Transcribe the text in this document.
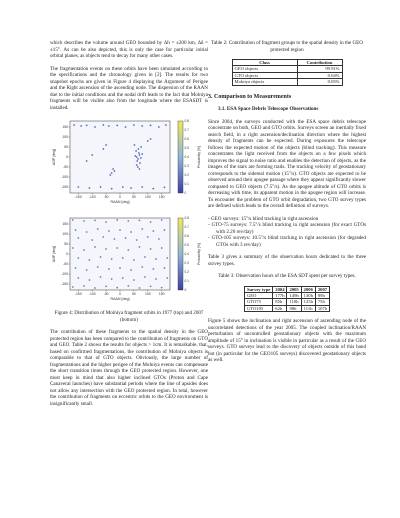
which describes the volume around GEO bounded by Δh = ±200 km, Δδ = ±15°. As can be also depicted, this is only the case for particular initial orbital planes, as objects tend to decay for many other cases.

The fragmentation events on these orbits have been simulated according to the specifications and the chronology given in [2]. The results for two snapshot epochs are given in Figure 4 displaying the Argument of Perigee and the Right ascension of the ascending node. The dispersion of the RAAN due to the initial conditions and the nodal drift leads to the fact that Molniya fragments will be visible also from the longitude where the ESASDT is installed.

-150 -100 -50	0	50	100 150
-150
-100
-50
0
50
100
150
RAAN [deg]
AOP [deg]
0.8
0.7
0.6
0.5
0.4
0.3
0.2
0.1
0
Probability [%]
-150 -100 -50	0	50	100 150
-150
-100
-50
0
50
100
150
RAAN [deg]
AOP [deg]
0.8
0.7
0.6
0.5
0.4
0.3
0.2
0.1
0
Probability [%]

Figure 4: Distribution of Molniya fragment orbits in 1977 (top) and 2007 (bottom)

The contribution of these fragments to the spatial density in the GEO protected region has been compared to the contribution of fragments on GTO and GEO. Table 2 shows the results for objects > 1cm. It is remarkable, that, based on confirmed fragmentations, the contribution of Molniya objects is comparable to that of GTO objects. Obviously, the large number of fragmentations and the higher perigee of the Molniya events can compensate the short transition times through the GEO protected region. However, one must keep in mind that also higher inclined GTOs (Proton and Cape Canaveral launches) have substantial periods where the line of apsides does not allow any intersection with the GEO protected region. In total, however the contribution of fragments on eccentric orbits to the GEO environment is insignificantly small.

Table 2: Contribution of fragment groups to the spatial density in the GEO protected region

Class	Contribution
GEO objects	99.91%
GTO objects	0.04%
Molniya objects	0.05%
3. Comparison to Measurements
3.1. ESA Space Debris Telescope Observations

Since 2004, the surveys conducted with the ESA space debris telescope concentrate on both, GEO and GTO orbits. Surveys screen an inertially fixed search field, in a right ascension/declination direction where the highest density of fragments can be expected. During exposures the telescope follows the expected motion of the objects (blind tracking). This measure concentrates the light received from the objects on a few pixels which improves the signal to noise ratio and enables the detection of objects, as the images of the stars are forming trails. The tracking velocity of geostationary corresponds to the sidereal motion (15''/s). GTO objects are expected to be observed around their apogee passage where they appear significantly slower compared to GEO objects (7.5''/s). As the apogee altitude of GTO orbits is decreasing with time, its apparent motion in the apogee region will increase. To encounter the problem of GTO orbit degradation, two GTO survey types are defined which leads to the overall definition of surveys.

- GEO surveys: 15''/s blind tracking in right ascension
- GTO-75 surveys: 7.5''/s blind tracking in right ascension (for exact GTOs with 2.26 rev/day)
- GTO-105 surveys: 10.5''/s blind tracking in right ascension (for degraded GTOs with 3 rev/day)

Table 3 gives a summary of the observation hours dedicated to the three survey types.

Table 3: Observation hours of the ESA SDT spent per survey types.

Survey type	2004	2005	2006	2007
GEO	177h	149h	130h	89h
GTO75	85h	110h	125h	75h
GTO105	62h	98h	111h	107h

Figure 5 shows the inclination and right ascension of ascending node of the uncorrelated detections of the year 2005. The coupled inclination/RAAN perturbation of uncontrolled geostationary objects with the maximum amplitude of 15° in inclination is visible in particular as a result of the GEO surveys. GTO surveys lead to the discovery of objects outside of this band but (in particular for the GEO105 surveys) discovered geostationary objects as well.
